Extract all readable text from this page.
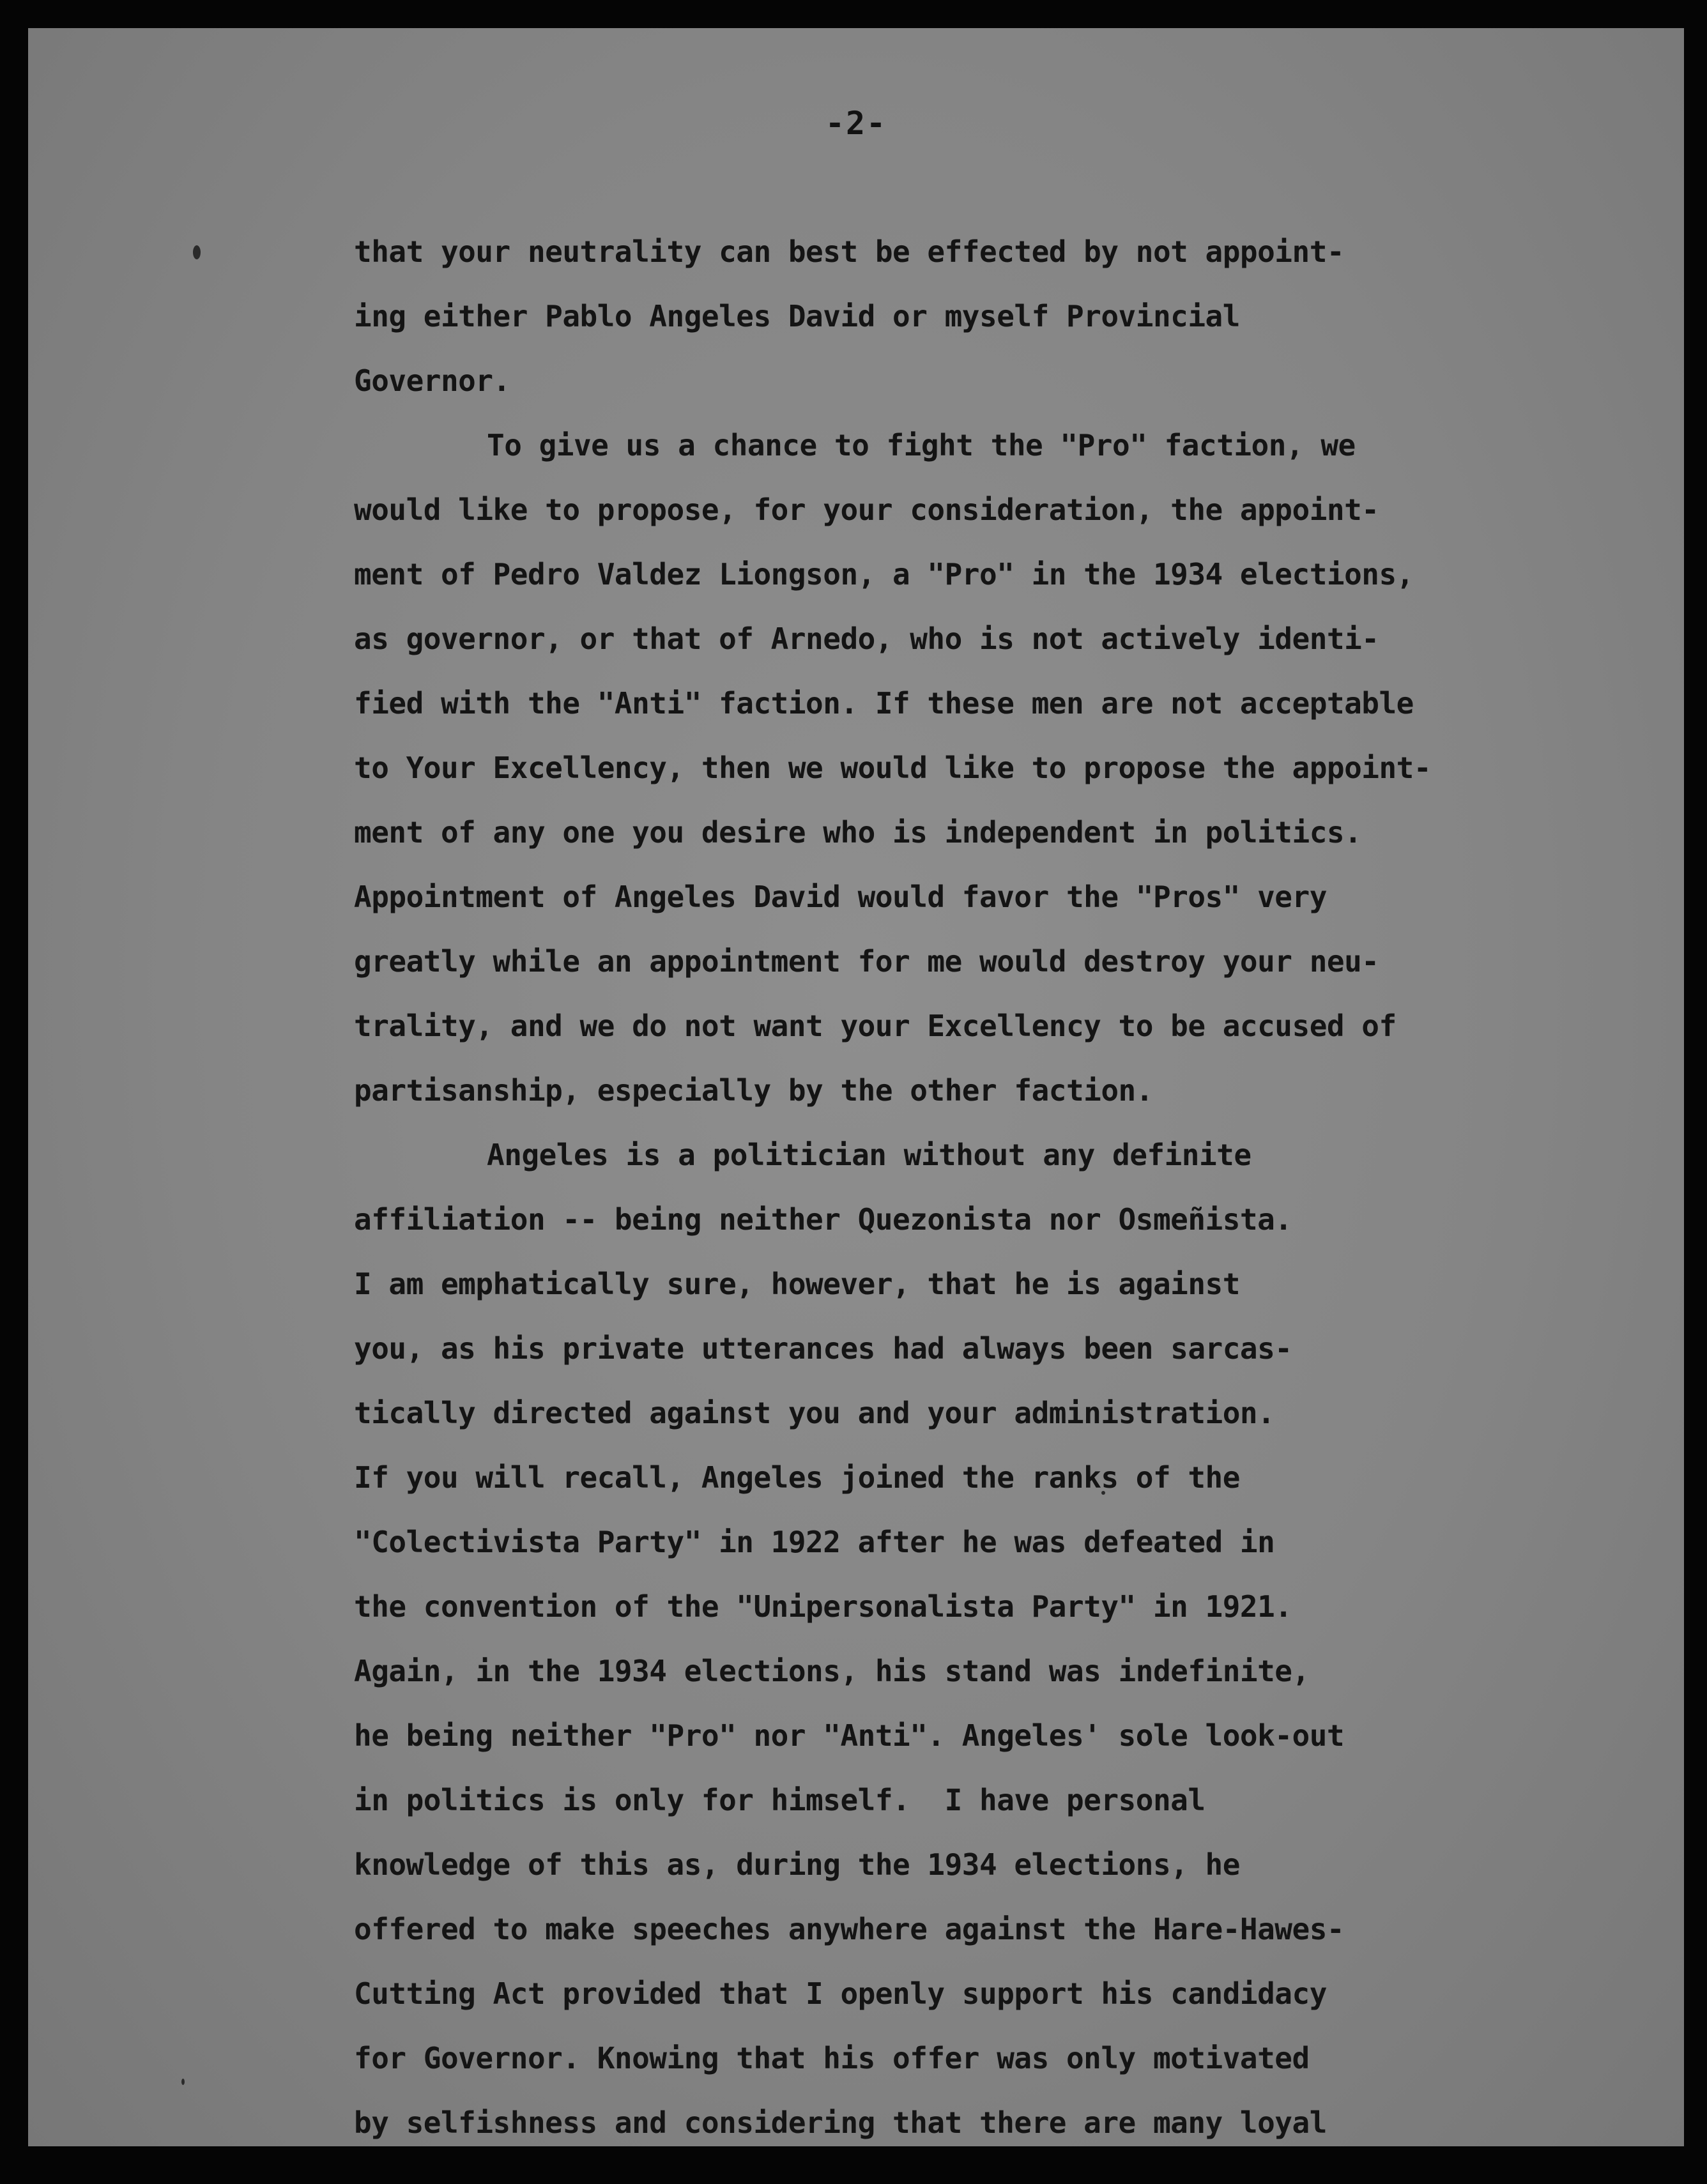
-2-
that your neutrality can best be effected by not appoint-
ing either Pablo Angeles David or myself Provincial
Governor.
To give us a chance to fight the "Pro" faction, we
would like to propose, for your consideration, the appoint-
ment of Pedro Valdez Liongson, a "Pro" in the 1934 elections,
as governor, or that of Arnedo, who is not actively identi-
fied with the "Anti" faction. If these men are not acceptable
to Your Excellency, then we would like to propose the appoint-
ment of any one you desire who is independent in politics.
Appointment of Angeles David would favor the "Pros" very
greatly while an appointment for me would destroy your neu-
trality, and we do not want your Excellency to be accused of
partisanship, especially by the other faction.
Angeles is a politician without any definite
affiliation -- being neither Quezonista nor Osmeñista.
I am emphatically sure, however, that he is against
you, as his private utterances had always been sarcas-
tically directed against you and your administration.
If you will recall, Angeles joined the ranks of the
"Colectivista Party" in 1922 after he was defeated in
the convention of the "Unipersonalista Party" in 1921.
Again, in the 1934 elections, his stand was indefinite,
he being neither "Pro" nor "Anti". Angeles' sole look-out
in politics is only for himself.  I have personal
knowledge of this as, during the 1934 elections, he
offered to make speeches anywhere against the Hare-Hawes-
Cutting Act provided that I openly support his candidacy
for Governor. Knowing that his offer was only motivated
by selfishness and considering that there are many loyal
